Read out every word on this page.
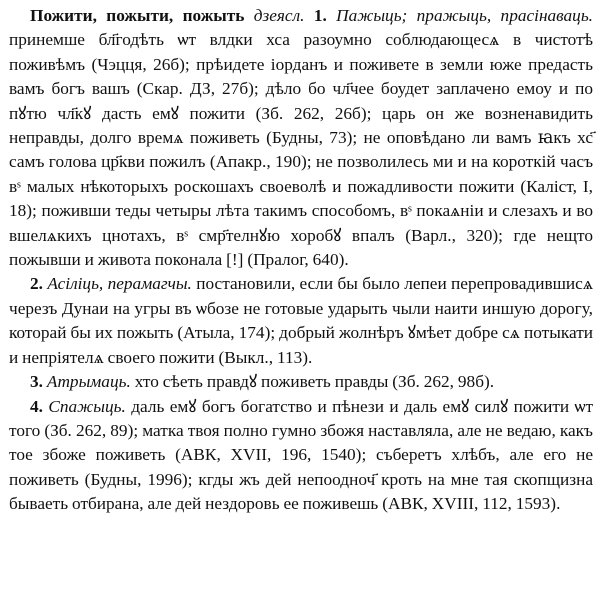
Пожити, пожыти, пожыть дзеясл. 1. Пажыць; пражыць, прасiнаваць. принемше бл҃годѣть ѡт влдки хса разоумно соблюдающесѧ в чистотѣ поживѣмъ (Чэцця, 26б); прѣидете iорданъ и поживете в земли юже предасть вамъ богъ вашъ (Скар. ДЗ, 27б); дѣло бо чл҃чее боудет заплачено емоу и по пꙋтю чл҃кꙋ дасть емꙋ пожити (Зб. 262, 26б); царь он же возненавидить неправды, долго времѧ поживеть (Будны, 73); не оповѣдано ли вамъ ꙗкъ хс҃ самъ голова цр҃кви пожилъ (Апакр., 190); не позволилесь ми и на короткiй часъ вˢ малых нѣкоторыхъ роскошахъ своеволѣ и пожадливости пожити (Калiст, I, 18); поживши теды четыры лѣта такимъ способомъ, вˢ покаѧнiи и слезахъ и во вшелѧкихъ цнотахъ, вˢ смр҃телнꙋю хоробꙋ впалъ (Варл., 320); где нещто пожывши и живота поконала [!] (Пралог, 640).

2. Асiлiць, перамагчы. постановили, если бы было лепеи перепровадившисѧ черезъ Дунаи на угры въ ѡбозе не готовые ударыть чыли наити иншую дорогу, которай бы их пожыть (Атыла, 174); добрый жолнѣръ ꙋмѣет добре сѧ потыкати и непрiятелѧ своего пожити (Выкл., 113).

3. Атрымаць. хто сѣеть правдꙋ поживеть правды (Зб. 262, 98б).

4. Спажыць. даль емꙋ богъ богатство и пѣнези и даль емꙋ силꙋ пожити ѡт того (Зб. 262, 89); матка твоя полно гумно збожя наставляла, але не ведаю, какъ тое збоже поживеть (АВК, XVII, 196, 1540); съберетъ хлѣбъ, але его не поживеть (Будны, 1996); кгды жъ дей непоодноч҃ кроть на мне тая скопщизна бываеть отбирана, але дей нездоровь ее поживешь (АВК, XVIII, 112, 1593).
